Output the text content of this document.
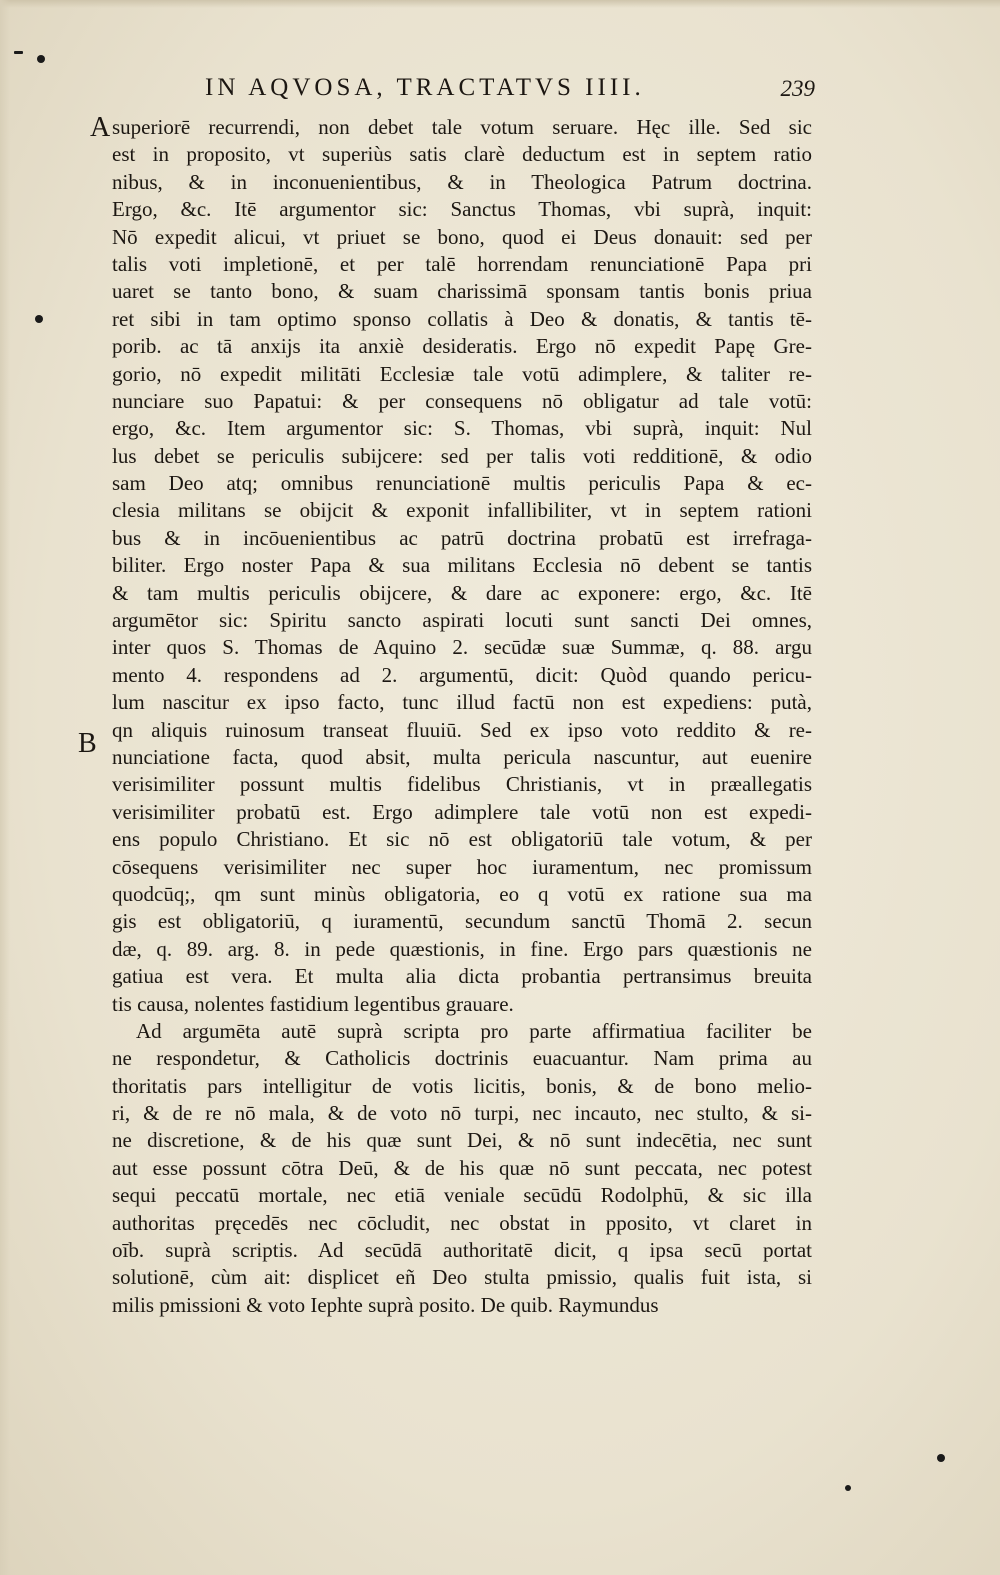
IN AQVOSA, TRACTATVS IIII.	239
A
B
superiorē recurrendi, non debet tale votum seruare. Hęc ille. Sed sic
est in proposito, vt superiùs satis clarè deductum est in septem ratio
nibus, & in inconuenientibus, & in Theologica Patrum doctrina.
Ergo, &c. Itē argumentor sic: Sanctus Thomas, vbi suprà, inquit:
Nō expedit alicui, vt priuet se bono, quod ei Deus donauit: sed per
talis voti impletionē, et per talē horrendam renunciationē Papa pri
uaret se tanto bono, & suam charissimā sponsam tantis bonis priua
ret sibi in tam optimo sponso collatis à Deo & donatis, & tantis tē-
porib. ac tā anxijs ita anxiè desideratis. Ergo nō expedit Papę Gre-
gorio, nō expedit militāti Ecclesiæ tale votū adimplere, & taliter re-
nunciare suo Papatui: & per consequens nō obligatur ad tale votū:
ergo, &c. Item argumentor sic: S. Thomas, vbi suprà, inquit: Nul
lus debet se periculis subijcere: sed per talis voti redditionē, & odio
sam Deo atq; omnibus renunciationē multis periculis Papa & ec-
clesia militans se obijcit & exponit infallibiliter, vt in septem rationi
bus & in incōuenientibus ac patrū doctrina probatū est irrefraga-
biliter. Ergo noster Papa & sua militans Ecclesia nō debent se tantis
& tam multis periculis obijcere, & dare ac exponere: ergo, &c. Itē
argumētor sic: Spiritu sancto aspirati locuti sunt sancti Dei omnes,
inter quos S. Thomas de Aquino 2. secūdæ suæ Summæ, q. 88. argu
mento 4. respondens ad 2. argumentū, dicit: Quòd quando pericu-
lum nascitur ex ipso facto, tunc illud factū non est expediens: putà,
qn aliquis ruinosum transeat fluuiū. Sed ex ipso voto reddito & re-
nunciatione facta, quod absit, multa pericula nascuntur, aut euenire
verisimiliter possunt multis fidelibus Christianis, vt in præallegatis
verisimiliter probatū est. Ergo adimplere tale votū non est expedi-
ens populo Christiano. Et sic nō est obligatoriū tale votum, & per
cōsequens verisimiliter nec super hoc iuramentum, nec promissum
quodcūq;, qm sunt minùs obligatoria, eo q votū ex ratione sua ma
gis est obligatoriū, q iuramentū, secundum sanctū Thomā 2. secun
dæ, q. 89. arg. 8. in pede quæstionis, in fine. Ergo pars quæstionis ne
gatiua est vera. Et multa alia dicta probantia pertransimus breuita
tis causa, nolentes fastidium legentibus grauare.
Ad argumēta autē suprà scripta pro parte affirmatiua faciliter be
ne respondetur, & Catholicis doctrinis euacuantur. Nam prima au
thoritatis pars intelligitur de votis licitis, bonis, & de bono melio-
ri, & de re nō mala, & de voto nō turpi, nec incauto, nec stulto, & si-
ne discretione, & de his quæ sunt Dei, & nō sunt indecētia, nec sunt
aut esse possunt cōtra Deū, & de his quæ nō sunt peccata, nec potest
sequi peccatū mortale, nec etiā veniale secūdū Rodolphū, & sic illa
authoritas pręcedēs nec cōcludit, nec obstat in pposito, vt claret in
oīb. suprà scriptis. Ad secūdā authoritatē dicit, q ipsa secū portat
solutionē, cùm ait: displicet eñ Deo stulta pmissio, qualis fuit ista, si
milis pmissioni & voto Iephte suprà posito. De quib. Raymundus
